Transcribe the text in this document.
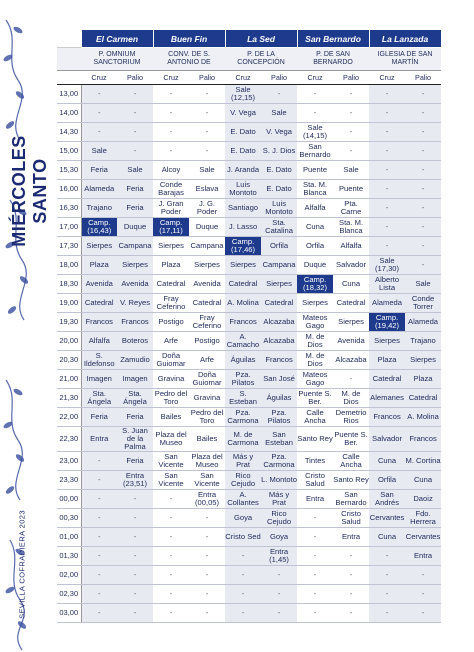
MIÉRCOLES SANTO
SEVILLA COFRADIERA 2023
	El Carmen		Buen Fin		La Sed		San Bernardo		La Lanzada	
	P. OMNIUM SANCTORIUM		CONV. DE S. ANTONIO DE		P. DE LA CONCEPCIÓN		P. DE SAN BERNARDO		IGLESIA DE SAN MARTÍN	
	Cruz	Palio	Cruz	Palio	Cruz	Palio	Cruz	Palio	Cruz	Palio
13,00	-	-	-	-	Sale (12,15)	-	-	-	-	-
14,00	-	-	-	-	V. Vega	Sale	-	-	-	-
14,30	-	-	-	-	E. Dato	V. Vega	Sale (14,15)	-	-	-
15,00	Sale	-	-	-	E. Dato	S. J. Dios	San Bernardo	-	-	-
15,30	Feria	Sale	Alcoy	Sale	J. Aranda	E. Dato	Puente	Sale	-	-
16,00	Alameda	Feria	Conde Barajas	Eslava	Luis Montoto	E. Dato	Sta. M. Blanca	Puente	-	-
16,30	Trajano	Feria	J. Gran Poder	J. G. Poder	Santiago	Luis Montoto	Alfalfa	Pta. Carne	-	-
17,00	Camp. (16,43)	Duque	Camp. (17,11)	Duque	J. Lasso	Sta. Catalina	Cuna	Sta. M. Blanca	-	-
17,30	Sierpes	Campana	Sierpes	Campana	Camp. (17,46)	Orfila	Orfila	Alfalfa	-	-
18,00	Plaza	Sierpes	Plaza	Sierpes	Sierpes	Campana	Duque	Salvador	Sale (17,30)	-
18,30	Avenida	Avenida	Catedral	Avenida	Catedral	Sierpes	Camp. (18,32)	Cuna	Alberto Lista	Sale
19,00	Catedral	V. Reyes	Fray Ceferino	Catedral	A. Molina	Catedral	Sierpes	Catedral	Alameda	Conde Torrer
19,30	Francos	Francos	Postigo	Fray Ceferino	Francos	Alcazaba	Mateos Gago	Sierpes	Camp. (19,42)	Alameda
20,00	Alfalfa	Boteros	Arfe	Postigo	A. Camacho	Alcazaba	M. de Dios	Avenida	Sierpes	Trajano
20,30	S. Ildefonso	Zamudio	Doña Guiomar	Arfe	Águilas	Francos	M. de Dios	Alcazaba	Plaza	Sierpes
21,00	Imagen	Imagen	Gravina	Doña Guiomar	Pza. Pilatos	San José	Mateos Gago	-	Catedral	Plaza
21,30	Sta. Ángela	Sta. Ángela	Pedro del Toro	Gravina	S. Esteban	Águilas	Puente S. Ber.	M. de Dios	Alemanes	Catedral
22,00	Feria	Feria	Bailes	Pedro del Toro	Pza. Carmona	Pza. Pilatos	Calle Ancha	Demetrio Rios	Francos	A. Molina
22,30	Entra	S. Juan de la Palma	Plaza del Museo	Bailes	M. de Carmona	San Esteban	Santo Rey	Puente S. Ber.	Salvador	Francos
23,00	-	Feria	San Vicente	Plaza del Museo	Más y Prat	Pza. Carmona	Tintes	Calle Ancha	Cuna	M. Cortina
23,30	-	Entra (23,51)	San Vicente	San Vicente	Rico Cejudo	L. Montoto	Cristo Salud	Santo Rey	Orfila	Cuna
00,00	-	-	-	Entra (00,05)	A. Collantes	Más y Prat	Entra	San Bernardo	San Andrés	Daoiz
00,30	-	-	-	-	Goya	Rico Cejudo	-	Cristo Salud	Cervantes	Fdo. Herrera
01,00	-	-	-	-	Cristo Sed	Goya	-	Entra	Cuna	Cervantes
01,30	-	-	-	-	-	Entra (1,45)	-	-	-	Entra
02,00	-	-	-	-	-	-	-	-	-	-
02,30	-	-	-	-	-	-	-	-	-	-
03,00	-	-	-	-	-	-	-	-	-	-
